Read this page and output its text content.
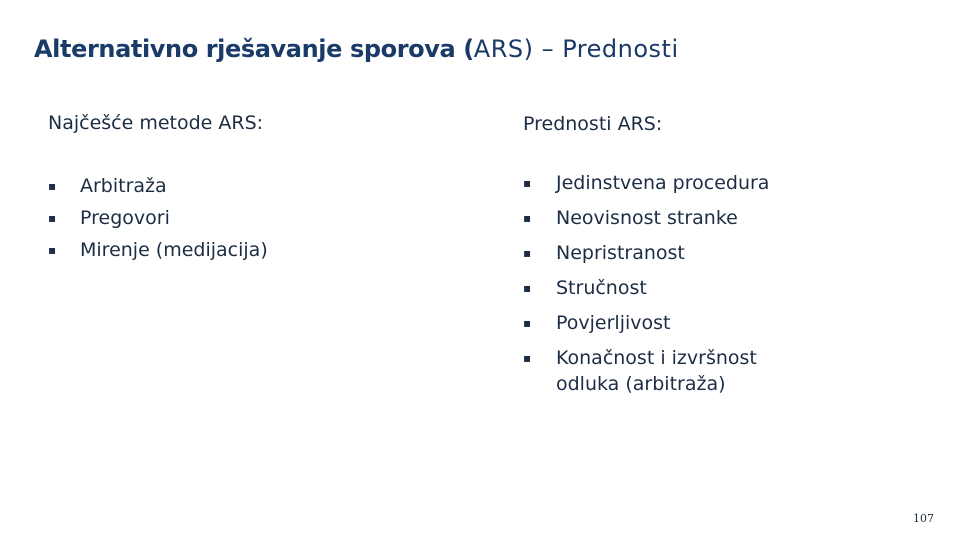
Alternativno rješavanje sporova (ARS) – Prednosti
Najčešće metode ARS:
▪	Arbitraža
▪	Pregovori
▪	Mirenje (medijacija)
Prednosti ARS:
▪	Jedinstvena procedura
▪	Neovisnost stranke
▪	Nepristranost
▪	Stručnost
▪	Povjerljivost
▪	Konačnost i izvršnost odluka (arbitraža)
107
